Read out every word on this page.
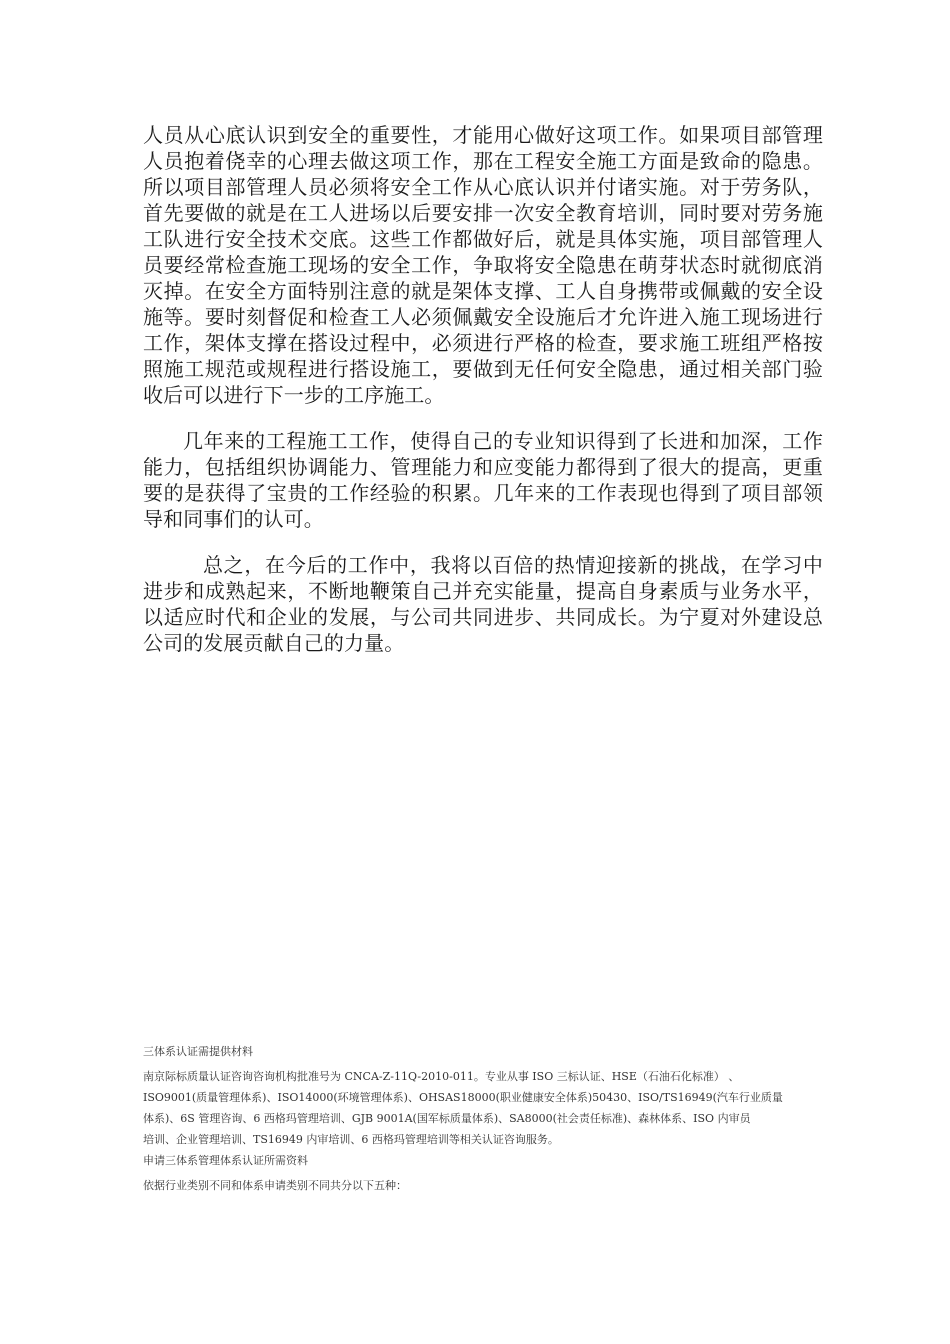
人员从心底认识到安全的重要性，才能用心做好这项工作。如果项目部管理人员抱着侥幸的心理去做这项工作，那在工程安全施工方面是致命的隐患。所以项目部管理人员必须将安全工作从心底认识并付诸实施。对于劳务队，首先要做的就是在工人进场以后要安排一次安全教育培训，同时要对劳务施工队进行安全技术交底。这些工作都做好后，就是具体实施，项目部管理人员要经常检查施工现场的安全工作，争取将安全隐患在萌芽状态时就彻底消灭掉。在安全方面特别注意的就是架体支撑、工人自身携带或佩戴的安全设施等。要时刻督促和检查工人必须佩戴安全设施后才允许进入施工现场进行工作，架体支撑在搭设过程中，必须进行严格的检查，要求施工班组严格按照施工规范或规程进行搭设施工，要做到无任何安全隐患，通过相关部门验收后可以进行下一步的工序施工。

几年来的工程施工工作，使得自己的专业知识得到了长进和加深，工作能力，包括组织协调能力、管理能力和应变能力都得到了很大的提高，更重要的是获得了宝贵的工作经验的积累。几年来的工作表现也得到了项目部领导和同事们的认可。

总之，在今后的工作中，我将以百倍的热情迎接新的挑战，在学习中进步和成熟起来，不断地鞭策自己并充实能量，提高自身素质与业务水平，以适应时代和企业的发展，与公司共同进步、共同成长。为宁夏对外建设总公司的发展贡献自己的力量。

三体系认证需提供材料

南京际标质量认证咨询咨询机构批准号为 CNCA-Z-11Q-2010-011。专业从事 ISO 三标认证、HSE（石油石化标准） 、
ISO9001(质量管理体系)、ISO14000(环境管理体系)、OHSAS18000(职业健康安全体系)50430、ISO/TS16949(汽车行业质量
体系)、6S 管理咨询、6 西格玛管理培训、GJB 9001A(国军标质量体系)、SA8000(社会责任标准)、森林体系、ISO 内审员
培训、企业管理培训、TS16949 内审培训、6 西格玛管理培训等相关认证咨询服务。

申请三体系管理体系认证所需资料

依据行业类别不同和体系申请类别不同共分以下五种：
